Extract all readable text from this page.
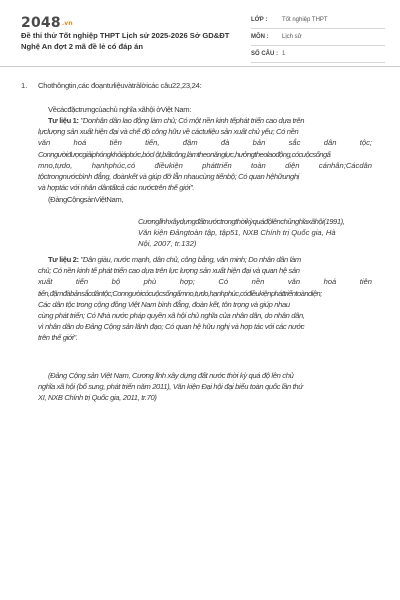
2048.vn
Đề thi thử Tốt nghiệp THPT Lịch sử 2025-2026 Sở GD&ĐT
Nghệ An đợt 2 mã đề lẻ có đáp án
LỚP :	Tốt nghiệp THPT
MÔN :	Lịch sử
SỐ CÂU : 1
1. Chothôngtin,các đoạntưliệuvàtrảlờicác câu22,23,24:
Vềcácđặctrưngcủachủ nghĩa xãhội ởViệt Nam:
Tư liệu 1: "Donhân dân lao động làm chủ; Có một nền kinh tếphát triển cao dựa trên
lựclượng sản xuất hiện đại và chế độ công hữu về cáctưliệu sản xuất chủ yếu; Có nền
văn hoá tiên tiến, đậm đà bản sắc dân tộc;
Conngườiđượcgiảiphóngkhỏiápbức,bócl ột,bấtcông,làmtheonănglực,hưởngtheolaođộng,cócuộcsốngấ
mno,tựdo, hạnhphúc,có điềukiện pháttriển toàn diện cánhân;Cácdân
tộctrongnướcbình đẳng, đoànkết và giúp đỡ lẫn nhaucùng tiếnbộ; Có quan hệhữunghị
và hợptác với nhân dântấtcả các nướctrên thế giới".
(ĐảngCộngsảnViệtNam,
Cươnglĩnhxâydựngđấtnướctrongthờikỳquáđộlênchủnghĩaxãhội(1991),
Văn kiện Đảngtoàn tập, tập51, NXB Chính trị Quốc gia, Hà
Nội, 2007, tr.132)
Tư liệu 2: "Dân giàu, nước mạnh, dân chủ, công bằng, văn minh; Do nhân dân làm
chủ; Có nền kinh tế phát triển cao dựa trên lực lượng sản xuất hiện đại và quan hệ sản
xuất tiến bộ phù hợp; Có nền văn hoá tiên
tiến,đậmđàbảnsắcdântộc;Conngườicócuộcsốngấmno,tựdo,hạnhphúc,cóđiềukiệnpháttriểntoàndiện;
Các dân tộc trong cộng đồng Việt Nam bình đẳng, đoàn kết, tôn trọng và giúp nhau
cùng phát triển; Có Nhà nước pháp quyền xã hội chủ nghĩa của nhân dân, do nhân dân,
vì nhân dân do Đảng Cộng sản lãnh đạo; Có quan hệ hữu nghị và hợp tác với các nước
trên thế giới".
(Đảng Cộng sản Việt Nam, Cương lĩnh xây dựng đất nước thời kỳ quá độ lên chủ
nghĩa xã hội (bổ sung, phát triển năm 2011), Văn kiện Đại hội đại biểu toàn quốc lần thứ
XI, NXB Chính trị Quốc gia, 2011, tr.70)
